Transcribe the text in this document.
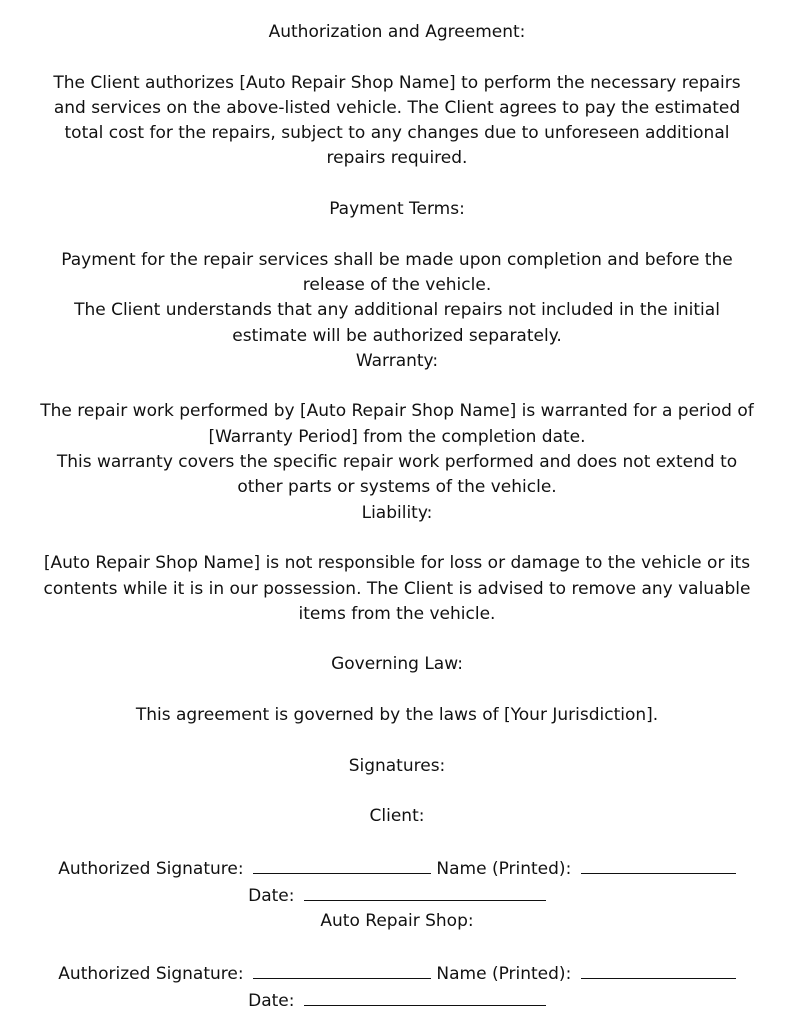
Authorization and Agreement:

The Client authorizes [Auto Repair Shop Name] to perform the necessary repairs

and services on the above-listed vehicle. The Client agrees to pay the estimated

total cost for the repairs, subject to any changes due to unforeseen additional

repairs required.

Payment Terms:

Payment for the repair services shall be made upon completion and before the

release of the vehicle.

The Client understands that any additional repairs not included in the initial

estimate will be authorized separately.

Warranty:

The repair work performed by [Auto Repair Shop Name] is warranted for a period of

[Warranty Period] from the completion date.

This warranty covers the specific repair work performed and does not extend to

other parts or systems of the vehicle.

Liability:

[Auto Repair Shop Name] is not responsible for loss or damage to the vehicle or its

contents while it is in our possession. The Client is advised to remove any valuable

items from the vehicle.

Governing Law:

This agreement is governed by the laws of [Your Jurisdiction].

Signatures:

Client:

Authorized Signature:	Name (Printed):

Date:

Auto Repair Shop:

Authorized Signature:	Name (Printed):

Date:
